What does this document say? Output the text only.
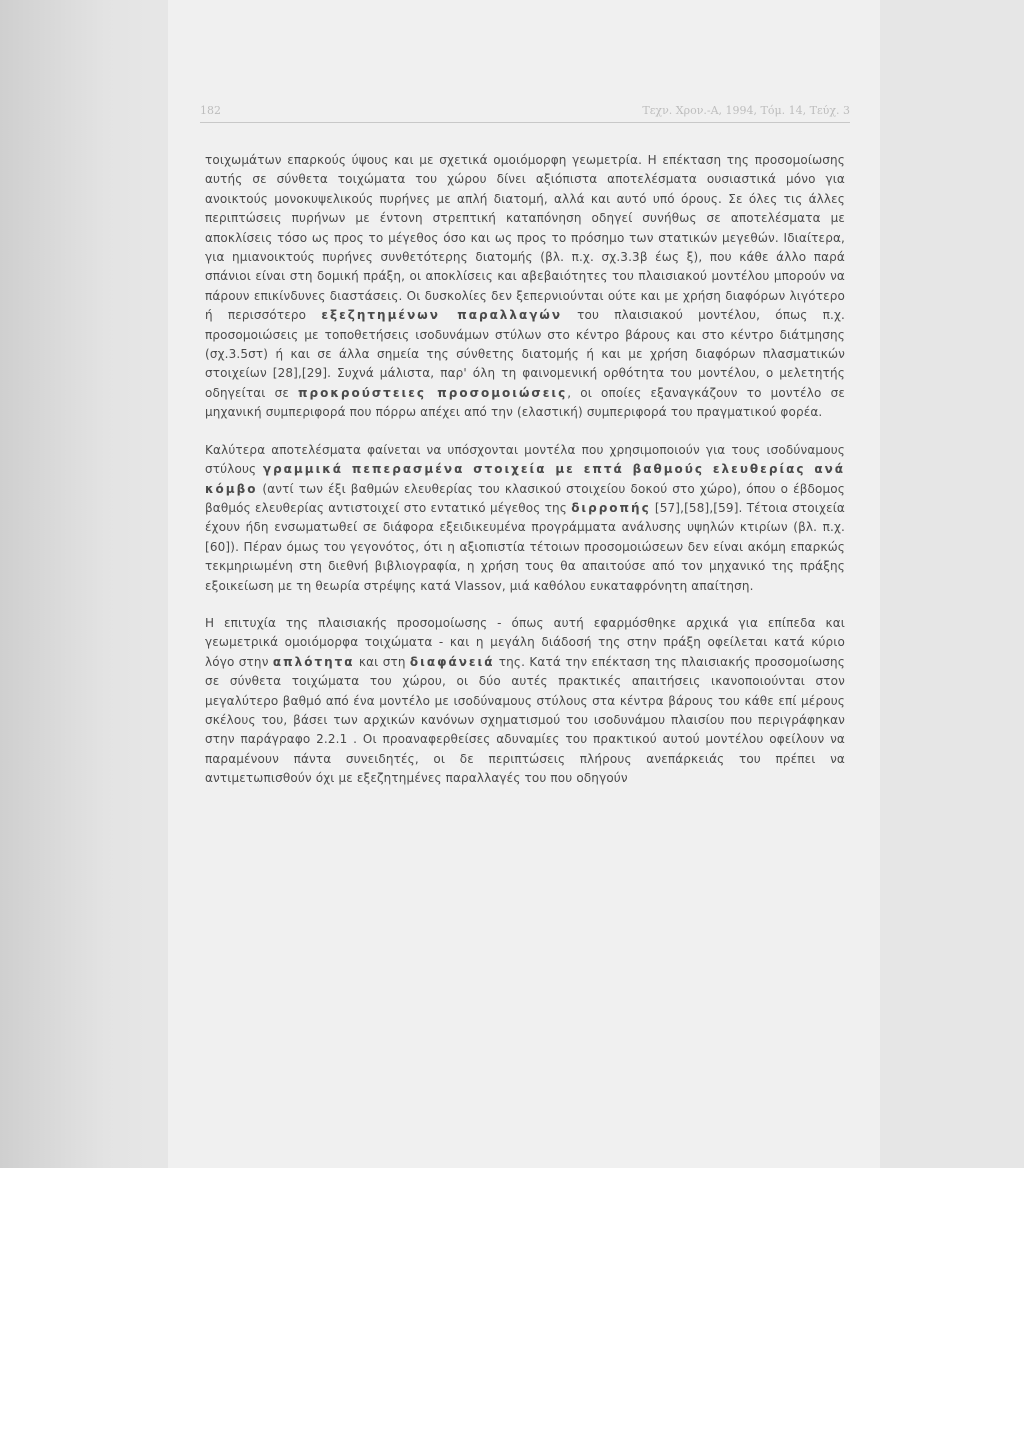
182	Τεχν. Χρον.-Α, 1994, Τόμ. 14, Τεύχ. 3

τοιχωμάτων επαρκούς ύψους και με σχετικά ομοιόμορφη γεωμετρία. Η επέκταση της προσομοίωσης αυτής σε σύνθετα τοιχώματα του χώρου δίνει αξιόπιστα αποτελέσματα ουσιαστικά μόνο για ανοικτούς μονοκυψελικούς πυρήνες με απλή διατομή, αλλά και αυτό υπό όρους. Σε όλες τις άλλες περιπτώσεις πυρήνων με έντονη στρεπτική καταπόνηση οδηγεί συνήθως σε αποτελέσματα με αποκλίσεις τόσο ως προς το μέγεθος όσο και ως προς το πρόσημο των στατικών μεγεθών. Ιδιαίτερα, για ημιανοικτούς πυρήνες συνθετότερης διατομής (βλ. π.χ. σχ.3.3β έως ξ), που κάθε άλλο παρά σπάνιοι είναι στη δομική πράξη, οι αποκλίσεις και αβεβαιότητες του πλαισιακού μοντέλου μπορούν να πάρουν επικίνδυνες διαστάσεις. Οι δυσκολίες δεν ξεπερνιούνται ούτε και με χρήση διαφόρων λιγότερο ή περισσότερο εξεζητημένων παραλλαγών του πλαισιακού μοντέλου, όπως π.χ. προσομοιώσεις με τοποθετήσεις ισοδυνάμων στύλων στο κέντρο βάρους και στο κέντρο διάτμησης (σχ.3.5στ) ή και σε άλλα σημεία της σύνθετης διατομής ή και με χρήση διαφόρων πλασματικών στοιχείων [28],[29]. Συχνά μάλιστα, παρ' όλη τη φαινομενική ορθότητα του μοντέλου, ο μελετητής οδηγείται σε προκρούστειες προσομοιώσεις, οι οποίες εξαναγκάζουν το μοντέλο σε μηχανική συμπεριφορά που πόρρω απέχει από την (ελαστική) συμπεριφορά του πραγματικού φορέα.

Καλύτερα αποτελέσματα φαίνεται να υπόσχονται μοντέλα που χρησιμοποιούν για τους ισοδύναμους στύλους γραμμικά πεπερασμένα στοιχεία με επτά βαθμούς ελευθερίας ανά κόμβο (αντί των έξι βαθμών ελευθερίας του κλασικού στοιχείου δοκού στο χώρο), όπου ο έβδομος βαθμός ελευθερίας αντιστοιχεί στο εντατικό μέγεθος της διρροπής [57],[58],[59]. Τέτοια στοιχεία έχουν ήδη ενσωματωθεί σε διάφορα εξειδικευμένα προγράμματα ανάλυσης υψηλών κτιρίων (βλ. π.χ. [60]). Πέραν όμως του γεγονότος, ότι η αξιοπιστία τέτοιων προσομοιώσεων δεν είναι ακόμη επαρκώς τεκμηριωμένη στη διεθνή βιβλιογραφία, η χρήση τους θα απαιτούσε από τον μηχανικό της πράξης εξοικείωση με τη θεωρία στρέψης κατά Vlassov, μιά καθόλου ευκαταφρόνητη απαίτηση.

Η επιτυχία της πλαισιακής προσομοίωσης - όπως αυτή εφαρμόσθηκε αρχικά για επίπεδα και γεωμετρικά ομοιόμορφα τοιχώματα - και η μεγάλη διάδοσή της στην πράξη οφείλεται κατά κύριο λόγο στην απλότητα και στη διαφάνειά της. Κατά την επέκταση της πλαισιακής προσομοίωσης σε σύνθετα τοιχώματα του χώρου, οι δύο αυτές πρακτικές απαιτήσεις ικανοποιούνται στον μεγαλύτερο βαθμό από ένα μοντέλο με ισοδύναμους στύλους στα κέντρα βάρους του κάθε επί μέρους σκέλους του, βάσει των αρχικών κανόνων σχηματισμού του ισοδυνάμου πλαισίου που περιγράφηκαν στην παράγραφο 2.2.1 . Οι προαναφερθείσες αδυναμίες του πρακτικού αυτού μοντέλου οφείλουν να παραμένουν πάντα συνειδητές, οι δε περιπτώσεις πλήρους ανεπάρκειάς του πρέπει να αντιμετωπισθούν όχι με εξεζητημένες παραλλαγές του που οδηγούν
